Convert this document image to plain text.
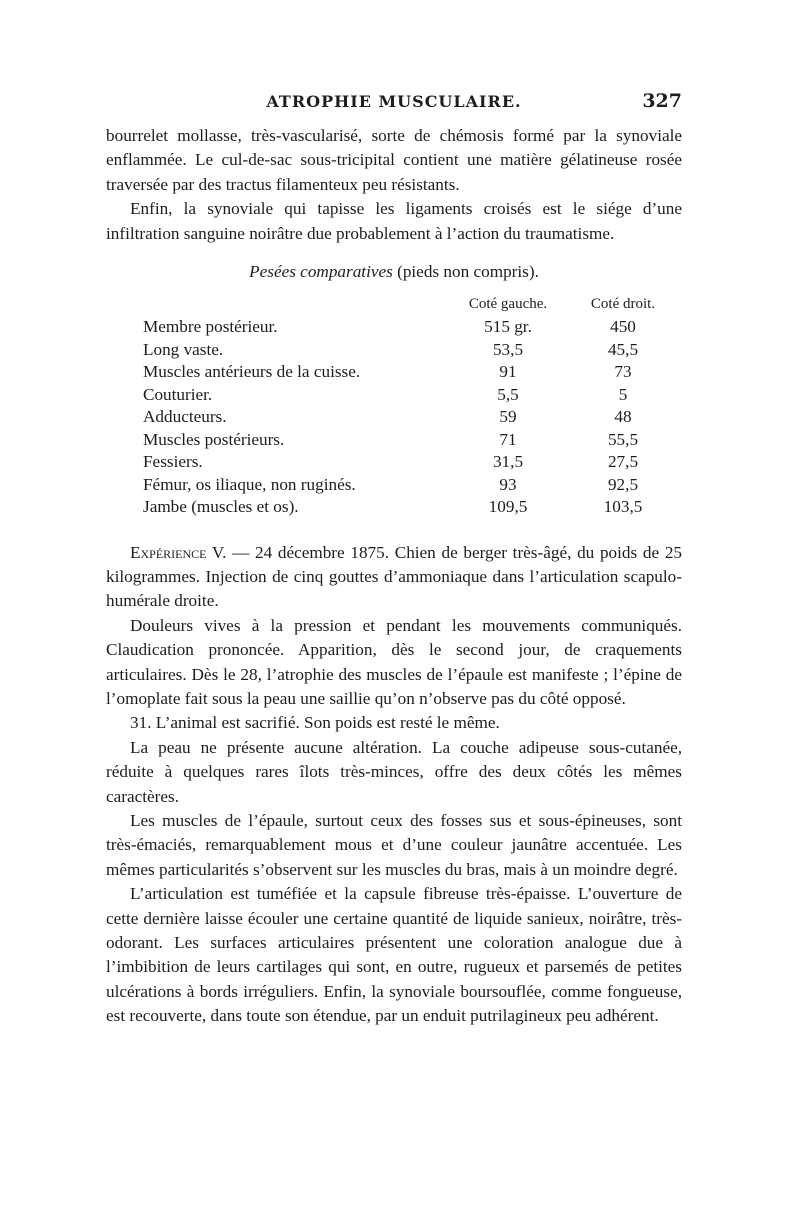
ATROPHIE MUSCULAIRE.	327

bourrelet mollasse, très-vascularisé, sorte de chémosis formé par la synoviale enflammée. Le cul-de-sac sous-tricipital contient une matière gélatineuse rosée traversée par des tractus filamenteux peu résistants.

Enfin, la synoviale qui tapisse les ligaments croisés est le siége d’une infiltration sanguine noirâtre due probablement à l’action du traumatisme.

Pesées comparatives (pieds non compris).
	Coté gauche.	Coté droit.
Membre postérieur.	515 gr.	450
Long vaste.	53,5	45,5
Muscles antérieurs de la cuisse.	91	73
Couturier.	5,5	5
Adducteurs.	59	48
Muscles postérieurs.	71	55,5
Fessiers.	31,5	27,5
Fémur, os iliaque, non ruginés.	93	92,5
Jambe (muscles et os).	109,5	103,5

Expérience V. — 24 décembre 1875. Chien de berger très-âgé, du poids de 25 kilogrammes. Injection de cinq gouttes d’ammoniaque dans l’articulation scapulo-humérale droite.

Douleurs vives à la pression et pendant les mouvements communiqués. Claudication prononcée. Apparition, dès le second jour, de craquements articulaires. Dès le 28, l’atrophie des muscles de l’épaule est manifeste ; l’épine de l’omoplate fait sous la peau une saillie qu’on n’observe pas du côté opposé.

31. L’animal est sacrifié. Son poids est resté le même.

La peau ne présente aucune altération. La couche adipeuse sous-cutanée, réduite à quelques rares îlots très-minces, offre des deux côtés les mêmes caractères.

Les muscles de l’épaule, surtout ceux des fosses sus et sous-épineuses, sont très-émaciés, remarquablement mous et d’une couleur jaunâtre accentuée. Les mêmes particularités s’observent sur les muscles du bras, mais à un moindre degré.

L’articulation est tuméfiée et la capsule fibreuse très-épaisse. L’ouverture de cette dernière laisse écouler une certaine quantité de liquide sanieux, noirâtre, très-odorant. Les surfaces articulaires présentent une coloration analogue due à l’imbibition de leurs cartilages qui sont, en outre, rugueux et parsemés de petites ulcérations à bords irréguliers. Enfin, la synoviale boursouflée, comme fongueuse, est recouverte, dans toute son étendue, par un enduit putrilagineux peu adhérent.
